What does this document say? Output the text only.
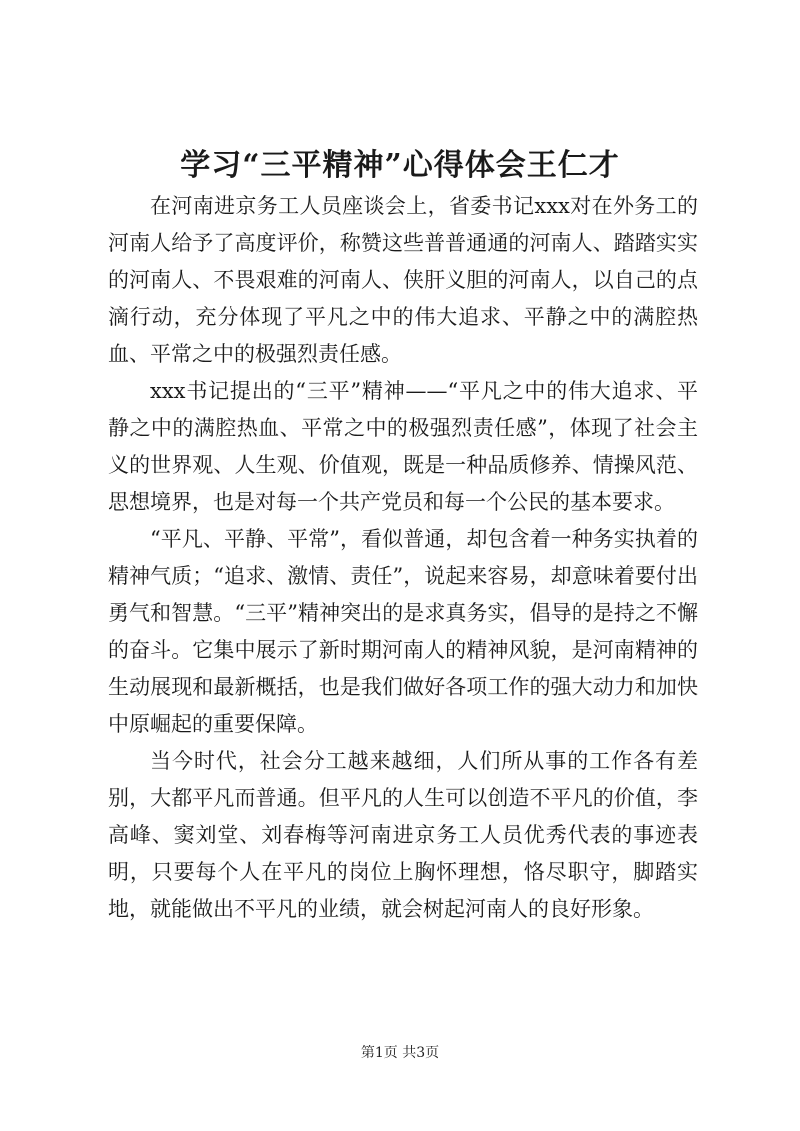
学习“三平精神”心得体会王仁才

在河南进京务工人员座谈会上，省委书记xxx对在外务工的河南人给予了高度评价，称赞这些普普通通的河南人、踏踏实实的河南人、不畏艰难的河南人、侠肝义胆的河南人，以自己的点滴行动，充分体现了平凡之中的伟大追求、平静之中的满腔热血、平常之中的极强烈责任感。

xxx书记提出的“三平”精神——“平凡之中的伟大追求、平静之中的满腔热血、平常之中的极强烈责任感”，体现了社会主义的世界观、人生观、价值观，既是一种品质修养、情操风范、思想境界，也是对每一个共产党员和每一个公民的基本要求。

“平凡、平静、平常”，看似普通，却包含着一种务实执着的精神气质；“追求、激情、责任”，说起来容易，却意味着要付出勇气和智慧。“三平”精神突出的是求真务实，倡导的是持之不懈的奋斗。它集中展示了新时期河南人的精神风貌，是河南精神的生动展现和最新概括，也是我们做好各项工作的强大动力和加快中原崛起的重要保障。

当今时代，社会分工越来越细，人们所从事的工作各有差别，大都平凡而普通。但平凡的人生可以创造不平凡的价值，李高峰、窦刘堂、刘春梅等河南进京务工人员优秀代表的事迹表明，只要每个人在平凡的岗位上胸怀理想，恪尽职守，脚踏实地，就能做出不平凡的业绩，就会树起河南人的良好形象。

第1页 共3页
